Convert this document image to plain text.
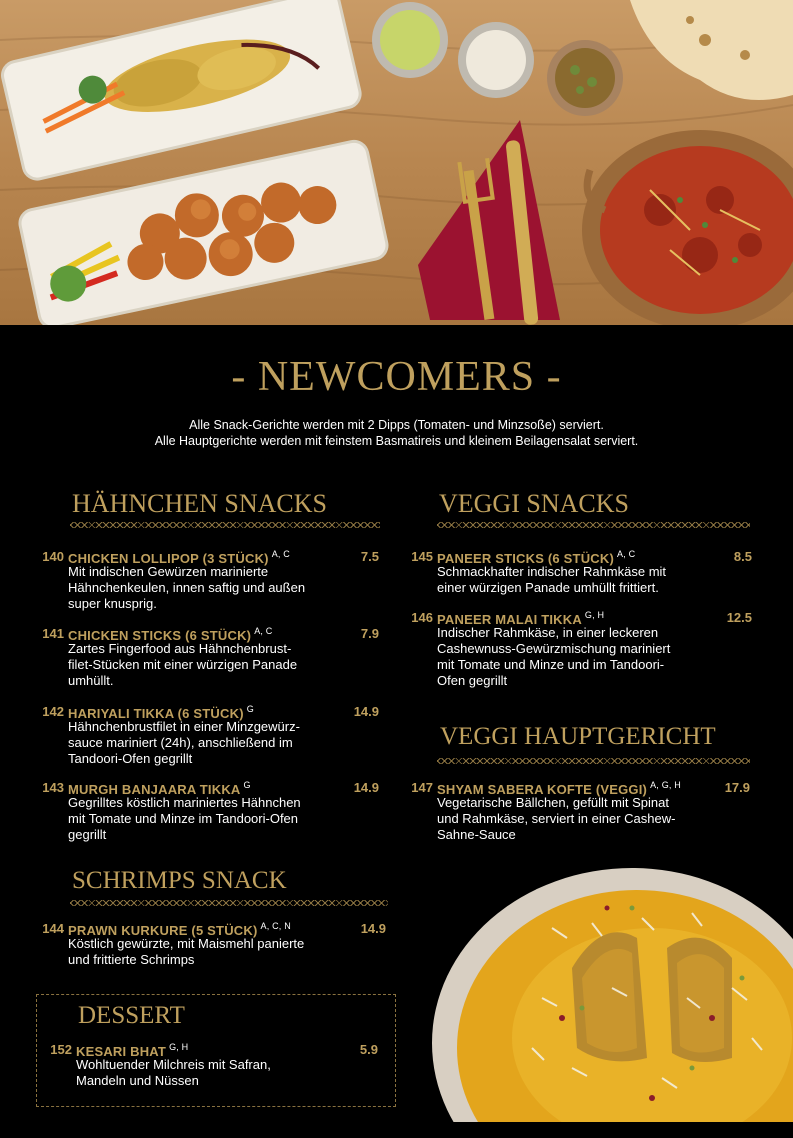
- NEWCOMERS -
Alle Snack-Gerichte werden mit 2 Dipps (Tomaten- und Minzsoße) serviert.
Alle Hauptgerichte werden mit feinstem Basmatireis und kleinem Beilagensalat serviert.
HÄHNCHEN SNACKS
140 CHICKEN LOLLIPOP (3 STÜCK) $^{A, C}$	7.5
Mit indischen Gewürzen marinierte
Hähnchenkeulen, innen saftig und außen
super knusprig.
141 CHICKEN STICKS (6 STÜCK) $^{A, C}$	7.9
Zartes Fingerfood aus Hähnchenbrust-
filet-Stücken mit einer würzigen Panade
umhüllt.
142 HARIYALI TIKKA (6 STÜCK) $^G$	14.9
Hähnchenbrustfilet in einer Minzgewürz-
sauce mariniert (24h), anschließend im
Tandoori-Ofen gegrillt
143 MURGH BANJAARA TIKKA $^G$	14.9
Gegrilltes köstlich mariniertes Hähnchen
mit Tomate und Minze im Tandoori-Ofen
gegrillt
SCHRIMPS SNACK
144 PRAWN KURKURE (5 STÜCK) $^{A, C, N}$	14.9
Köstlich gewürzte, mit Maismehl panierte
und frittierte Schrimps
DESSERT
152 KESARI BHAT $^{G, H}$	5.9
Wohltuender Milchreis mit Safran,
Mandeln und Nüssen
VEGGI SNACKS
145 PANEER STICKS (6 STÜCK) $^{A, C}$	8.5
Schmackhafter indischer Rahmkäse mit
einer würzigen Panade umhüllt frittiert.
146 PANEER MALAI TIKKA $^{G, H}$	12.5
Indischer Rahmkäse, in einer leckeren
Cashewnuss-Gewürzmischung mariniert
mit Tomate und Minze und im Tandoori-
Ofen gegrillt
VEGGI HAUPTGERICHT
147 SHYAM SABERA KOFTE (VEGGI) $^{A, G, H}$	17.9
Vegetarische Bällchen, gefüllt mit Spinat
und Rahmkäse, serviert in einer Cashew-
Sahne-Sauce
